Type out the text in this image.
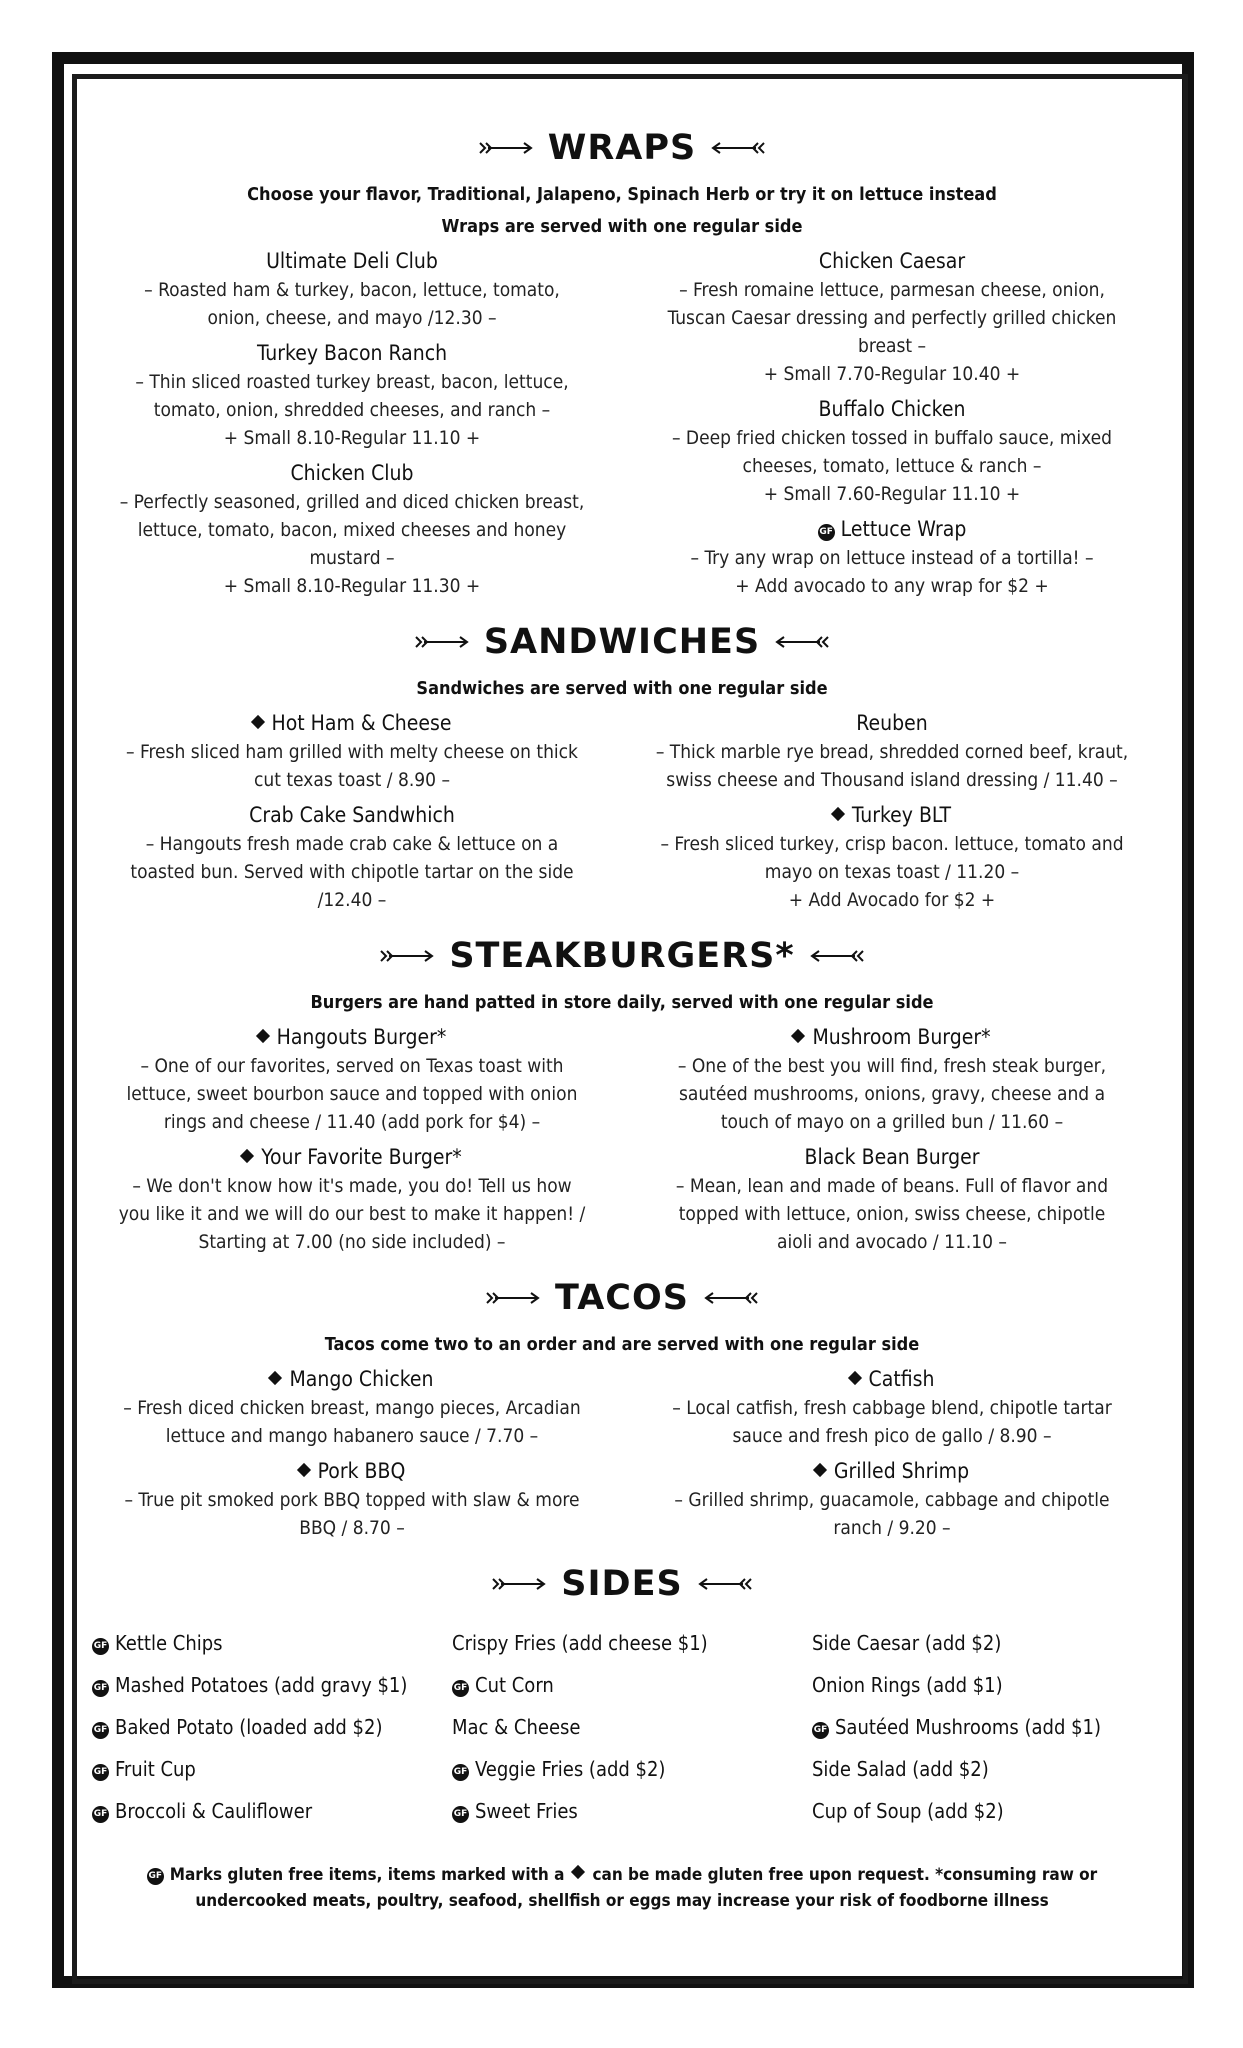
WRAPS
Choose your flavor, Traditional, Jalapeno, Spinach Herb or try it on lettuce instead
Wraps are served with one regular side
Ultimate Deli Club
– Roasted ham & turkey, bacon, lettuce, tomato,
onion, cheese, and mayo /12.30 –
Turkey Bacon Ranch
– Thin sliced roasted turkey breast, bacon, lettuce,
tomato, onion, shredded cheeses, and ranch –
+ Small 8.10-Regular 11.10 +
Chicken Club
– Perfectly seasoned, grilled and diced chicken breast,
lettuce, tomato, bacon, mixed cheeses and honey
mustard –
+ Small 8.10-Regular 11.30 +
Chicken Caesar
– Fresh romaine lettuce, parmesan cheese, onion,
Tuscan Caesar dressing and perfectly grilled chicken
breast –
+ Small 7.70-Regular 10.40 +
Buffalo Chicken
– Deep fried chicken tossed in buffalo sauce, mixed
cheeses, tomato, lettuce & ranch –
+ Small 7.60-Regular 11.10 +
GF Lettuce Wrap
– Try any wrap on lettuce instead of a tortilla! –
+ Add avocado to any wrap for $2 +
SANDWICHES
Sandwiches are served with one regular side
Hot Ham & Cheese
– Fresh sliced ham grilled with melty cheese on thick
cut texas toast / 8.90 –
Crab Cake Sandwhich
– Hangouts fresh made crab cake & lettuce on a
toasted bun. Served with chipotle tartar on the side
/12.40 –
Reuben
– Thick marble rye bread, shredded corned beef, kraut,
swiss cheese and Thousand island dressing / 11.40 –
Turkey BLT
– Fresh sliced turkey, crisp bacon. lettuce, tomato and
mayo on texas toast / 11.20 –
+ Add Avocado for $2 +
STEAKBURGERS*
Burgers are hand patted in store daily, served with one regular side
Hangouts Burger*
– One of our favorites, served on Texas toast with
lettuce, sweet bourbon sauce and topped with onion
rings and cheese / 11.40 (add pork for $4) –
Your Favorite Burger*
– We don't know how it's made, you do! Tell us how
you like it and we will do our best to make it happen! /
Starting at 7.00 (no side included) –
Mushroom Burger*
– One of the best you will find, fresh steak burger,
sautéed mushrooms, onions, gravy, cheese and a
touch of mayo on a grilled bun / 11.60 –
Black Bean Burger
– Mean, lean and made of beans. Full of flavor and
topped with lettuce, onion, swiss cheese, chipotle
aioli and avocado / 11.10 –
TACOS
Tacos come two to an order and are served with one regular side
Mango Chicken
– Fresh diced chicken breast, mango pieces, Arcadian
lettuce and mango habanero sauce / 7.70 –
Pork BBQ
– True pit smoked pork BBQ topped with slaw & more
BBQ / 8.70 –
Catfish
– Local catfish, fresh cabbage blend, chipotle tartar
sauce and fresh pico de gallo / 8.90 –
Grilled Shrimp
– Grilled shrimp, guacamole, cabbage and chipotle
ranch / 9.20 –
SIDES
GF Kettle Chips
GF Mashed Potatoes (add gravy $1)
GF Baked Potato (loaded add $2)
GF Fruit Cup
GF Broccoli & Cauliflower
Crispy Fries (add cheese $1)
GF Cut Corn
Mac & Cheese
GF Veggie Fries (add $2)
GF Sweet Fries
Side Caesar (add $2)
Onion Rings (add $1)
GF Sautéed Mushrooms (add $1)
Side Salad (add $2)
Cup of Soup (add $2)
GF Marks gluten free items, items marked with a can be made gluten free upon request. *consuming raw or
undercooked meats, poultry, seafood, shellfish or eggs may increase your risk of foodborne illness
